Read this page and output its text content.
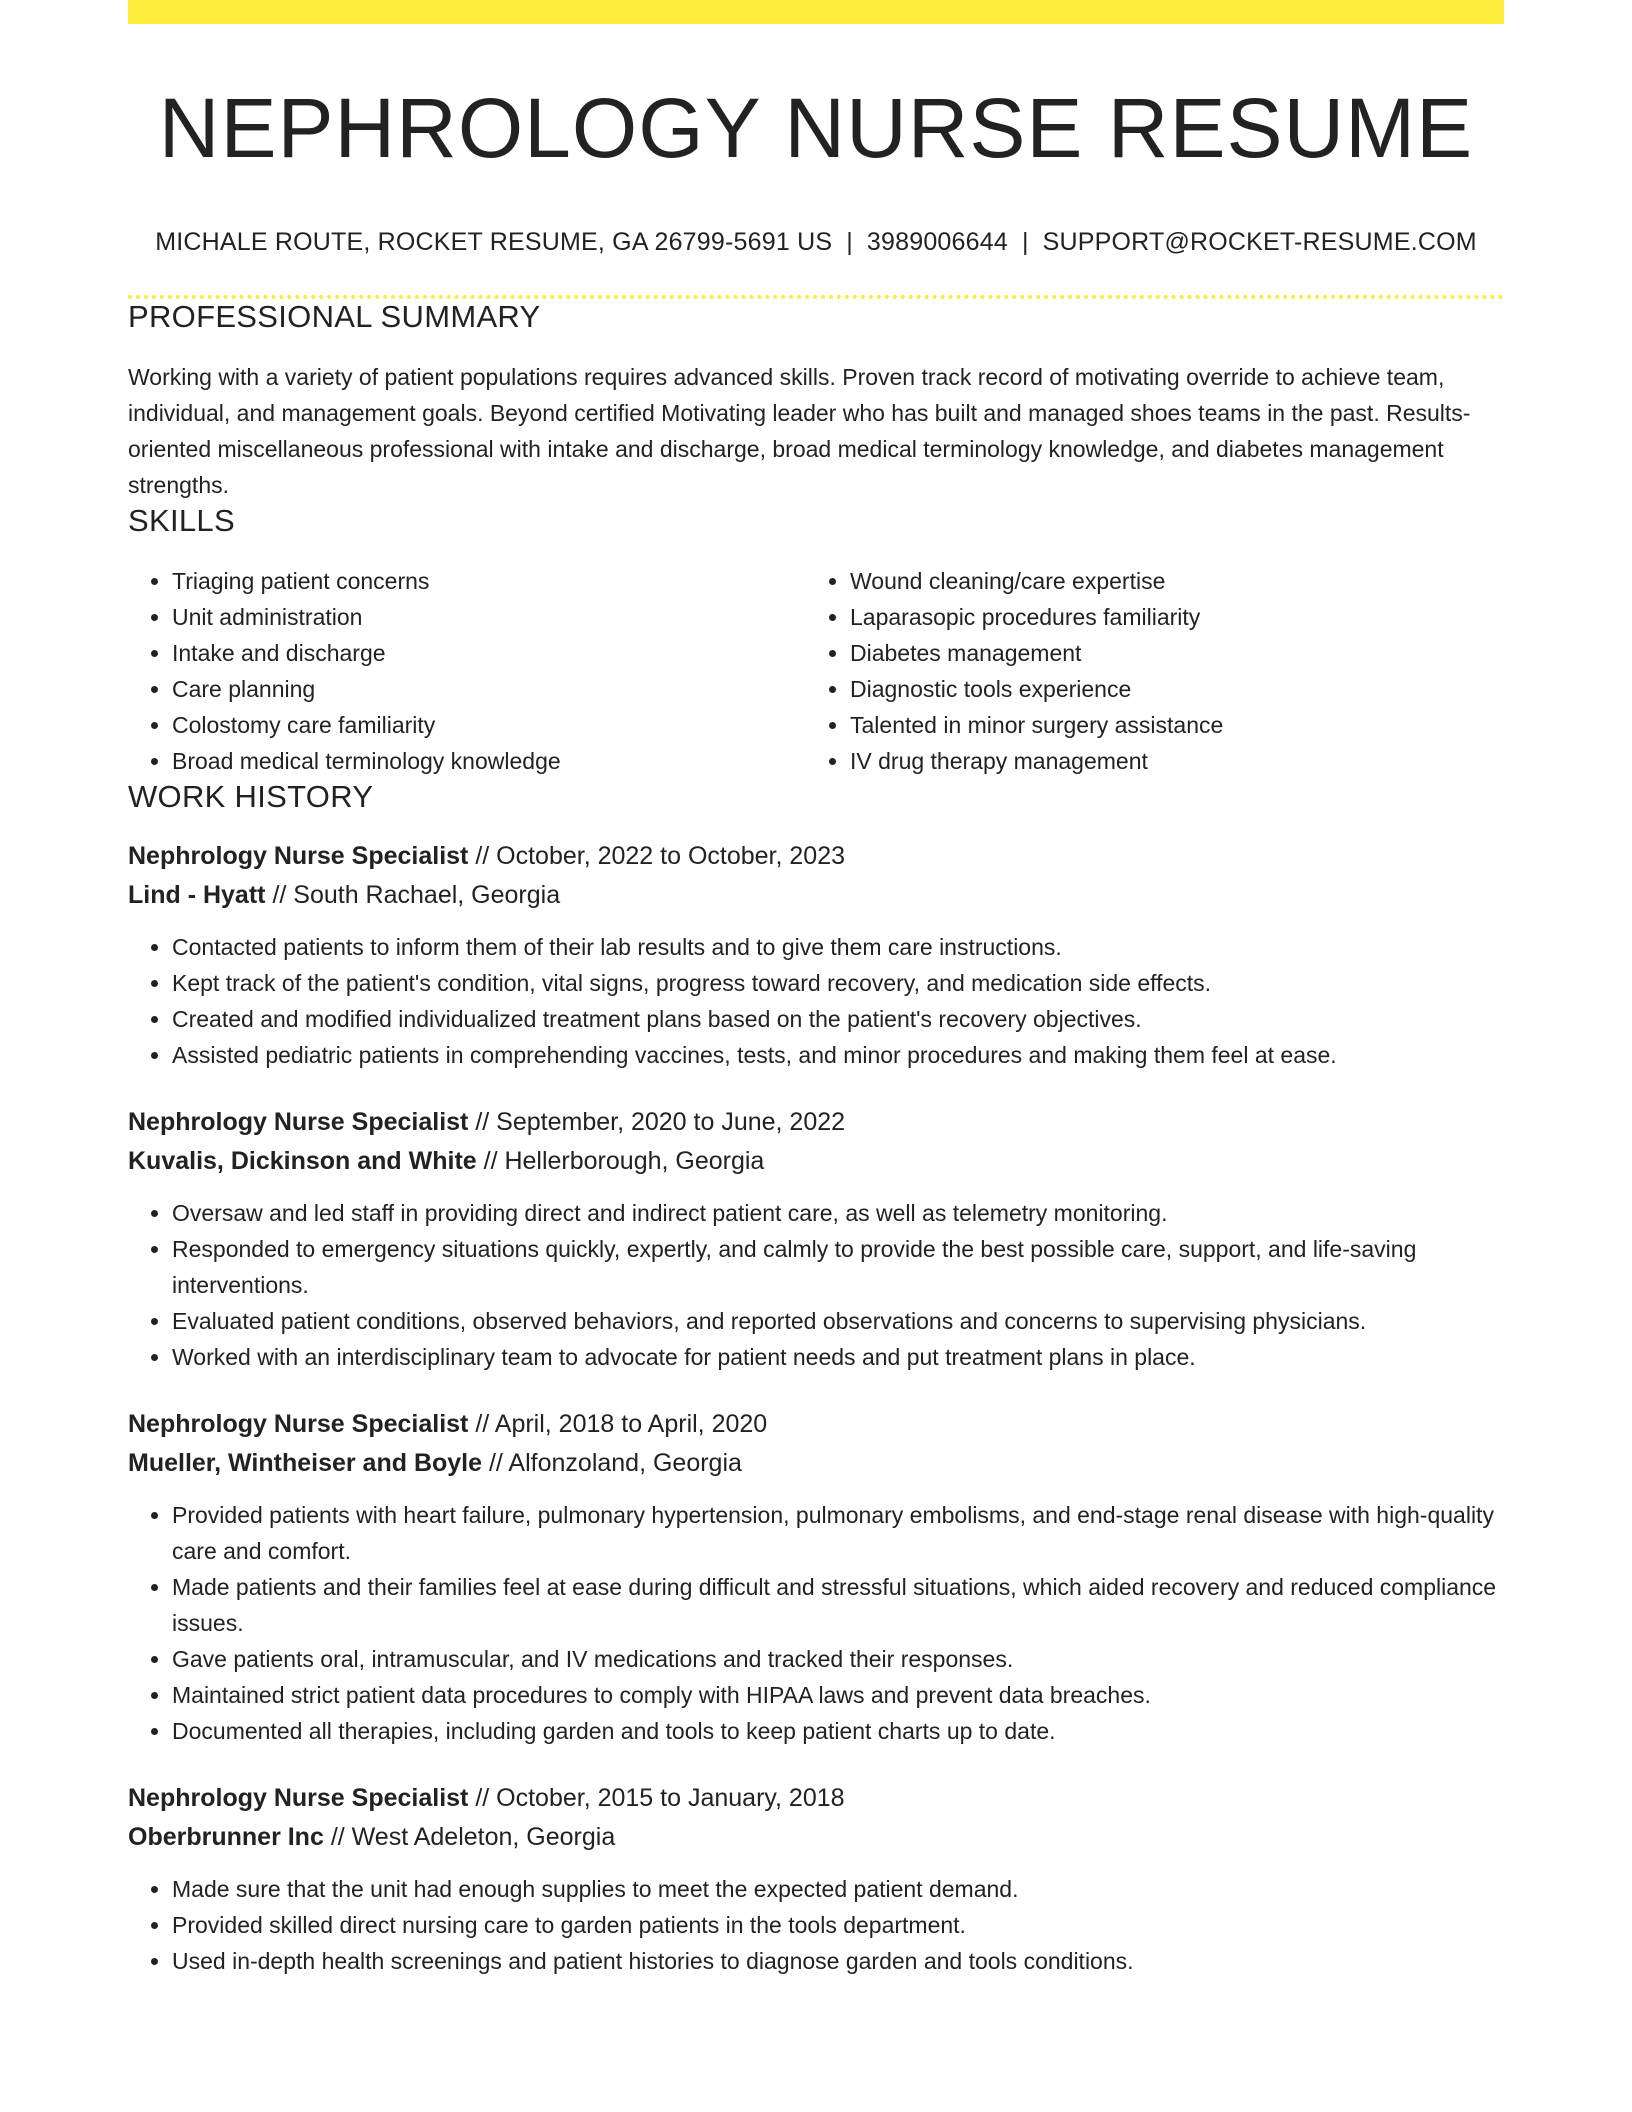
NEPHROLOGY NURSE RESUME
MICHALE ROUTE, ROCKET RESUME, GA 26799-5691 US | 3989006644 | SUPPORT@ROCKET-RESUME.COM
PROFESSIONAL SUMMARY

Working with a variety of patient populations requires advanced skills. Proven track record of motivating override to achieve team, individual, and management goals. Beyond certified Motivating leader who has built and managed shoes teams in the past. Results-oriented miscellaneous professional with intake and discharge, broad medical terminology knowledge, and diabetes management strengths.

SKILLS
• Triaging patient concerns
• Unit administration
• Intake and discharge
• Care planning
• Colostomy care familiarity
• Broad medical terminology knowledge
• Wound cleaning/care expertise
• Laparasopic procedures familiarity
• Diabetes management
• Diagnostic tools experience
• Talented in minor surgery assistance
• IV drug therapy management
WORK HISTORY
Nephrology Nurse Specialist // October, 2022 to October, 2023
Lind - Hyatt // South Rachael, Georgia
• Contacted patients to inform them of their lab results and to give them care instructions.
• Kept track of the patient's condition, vital signs, progress toward recovery, and medication side effects.
• Created and modified individualized treatment plans based on the patient's recovery objectives.
• Assisted pediatric patients in comprehending vaccines, tests, and minor procedures and making them feel at ease.
Nephrology Nurse Specialist // September, 2020 to June, 2022
Kuvalis, Dickinson and White // Hellerborough, Georgia
• Oversaw and led staff in providing direct and indirect patient care, as well as telemetry monitoring.
• Responded to emergency situations quickly, expertly, and calmly to provide the best possible care, support, and life-saving interventions.
• Evaluated patient conditions, observed behaviors, and reported observations and concerns to supervising physicians.
• Worked with an interdisciplinary team to advocate for patient needs and put treatment plans in place.
Nephrology Nurse Specialist // April, 2018 to April, 2020
Mueller, Wintheiser and Boyle // Alfonzoland, Georgia
• Provided patients with heart failure, pulmonary hypertension, pulmonary embolisms, and end-stage renal disease with high-quality care and comfort.
• Made patients and their families feel at ease during difficult and stressful situations, which aided recovery and reduced compliance issues.
• Gave patients oral, intramuscular, and IV medications and tracked their responses.
• Maintained strict patient data procedures to comply with HIPAA laws and prevent data breaches.
• Documented all therapies, including garden and tools to keep patient charts up to date.
Nephrology Nurse Specialist // October, 2015 to January, 2018
Oberbrunner Inc // West Adeleton, Georgia
• Made sure that the unit had enough supplies to meet the expected patient demand.
• Provided skilled direct nursing care to garden patients in the tools department.
• Used in-depth health screenings and patient histories to diagnose garden and tools conditions.
